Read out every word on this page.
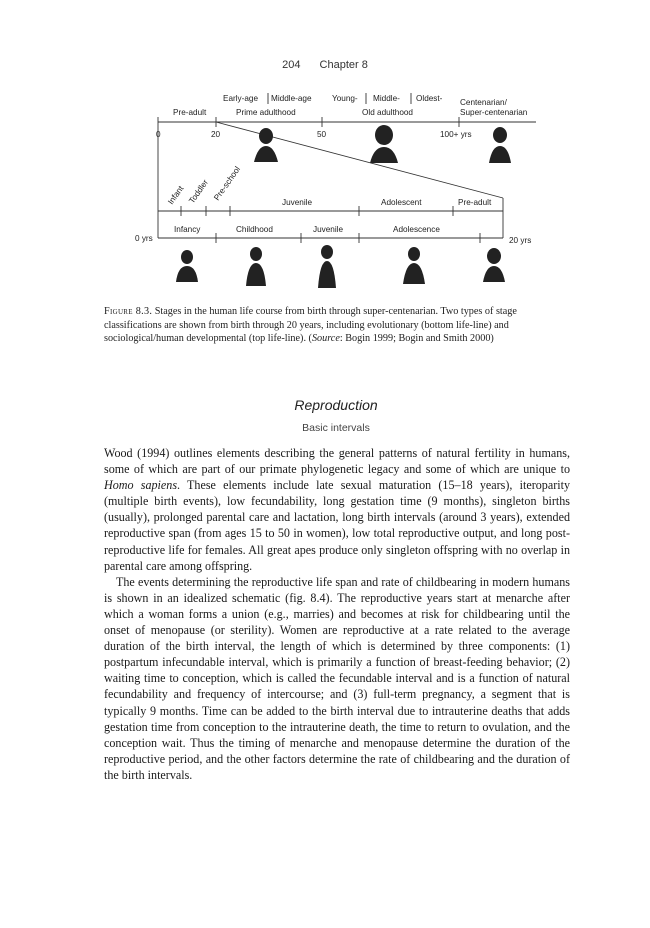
204 Chapter 8
Early-age Middle-age Young- Middle- Oldest- Centenarian/
Super-centenarian
Pre-adult	Prime adulthood	Old adulthood
0	20	50	100+ yrs
Infant Toddler Pre-school
Juvenile	Adolescent	Pre-adult
Infancy	Childhood	Juvenile	Adolescence
0 yrs	20 yrs
Figure 8.3. Stages in the human life course from birth through super-centenarian. Two types of stage classifications are shown from birth through 20 years, including evolutionary (bottom life-line) and sociological/human developmental (top life-line). (Source: Bogin 1999; Bogin and Smith 2000)
Reproduction
Basic intervals

Wood (1994) outlines elements describing the general patterns of natural fertility in humans, some of which are part of our primate phylogenetic legacy and some of which are unique to Homo sapiens. These elements include late sexual maturation (15–18 years), iteroparity (multiple birth events), low fecundability, long gestation time (9 months), singleton births (usually), prolonged parental care and lactation, long birth intervals (around 3 years), extended reproductive span (from ages 15 to 50 in women), low total reproductive output, and long post-reproductive life for females. All great apes produce only singleton offspring with no overlap in parental care among offspring.

The events determining the reproductive life span and rate of childbearing in modern humans is shown in an idealized schematic (fig. 8.4). The reproductive years start at menarche after which a woman forms a union (e.g., marries) and becomes at risk for childbearing until the onset of menopause (or sterility). Women are reproductive at a rate related to the average duration of the birth interval, the length of which is determined by three components: (1) postpartum infecundable interval, which is primarily a function of breast-feeding behavior; (2) waiting time to conception, which is called the fecundable interval and is a function of natural fecundability and frequency of intercourse; and (3) full-term pregnancy, a segment that is typically 9 months. Time can be added to the birth interval due to intrauterine deaths that adds gestation time from conception to the intrauterine death, the time to return to ovulation, and the conception wait. Thus the timing of menarche and menopause determine the duration of the reproductive period, and the other factors determine the rate of childbearing and the duration of the birth intervals.
